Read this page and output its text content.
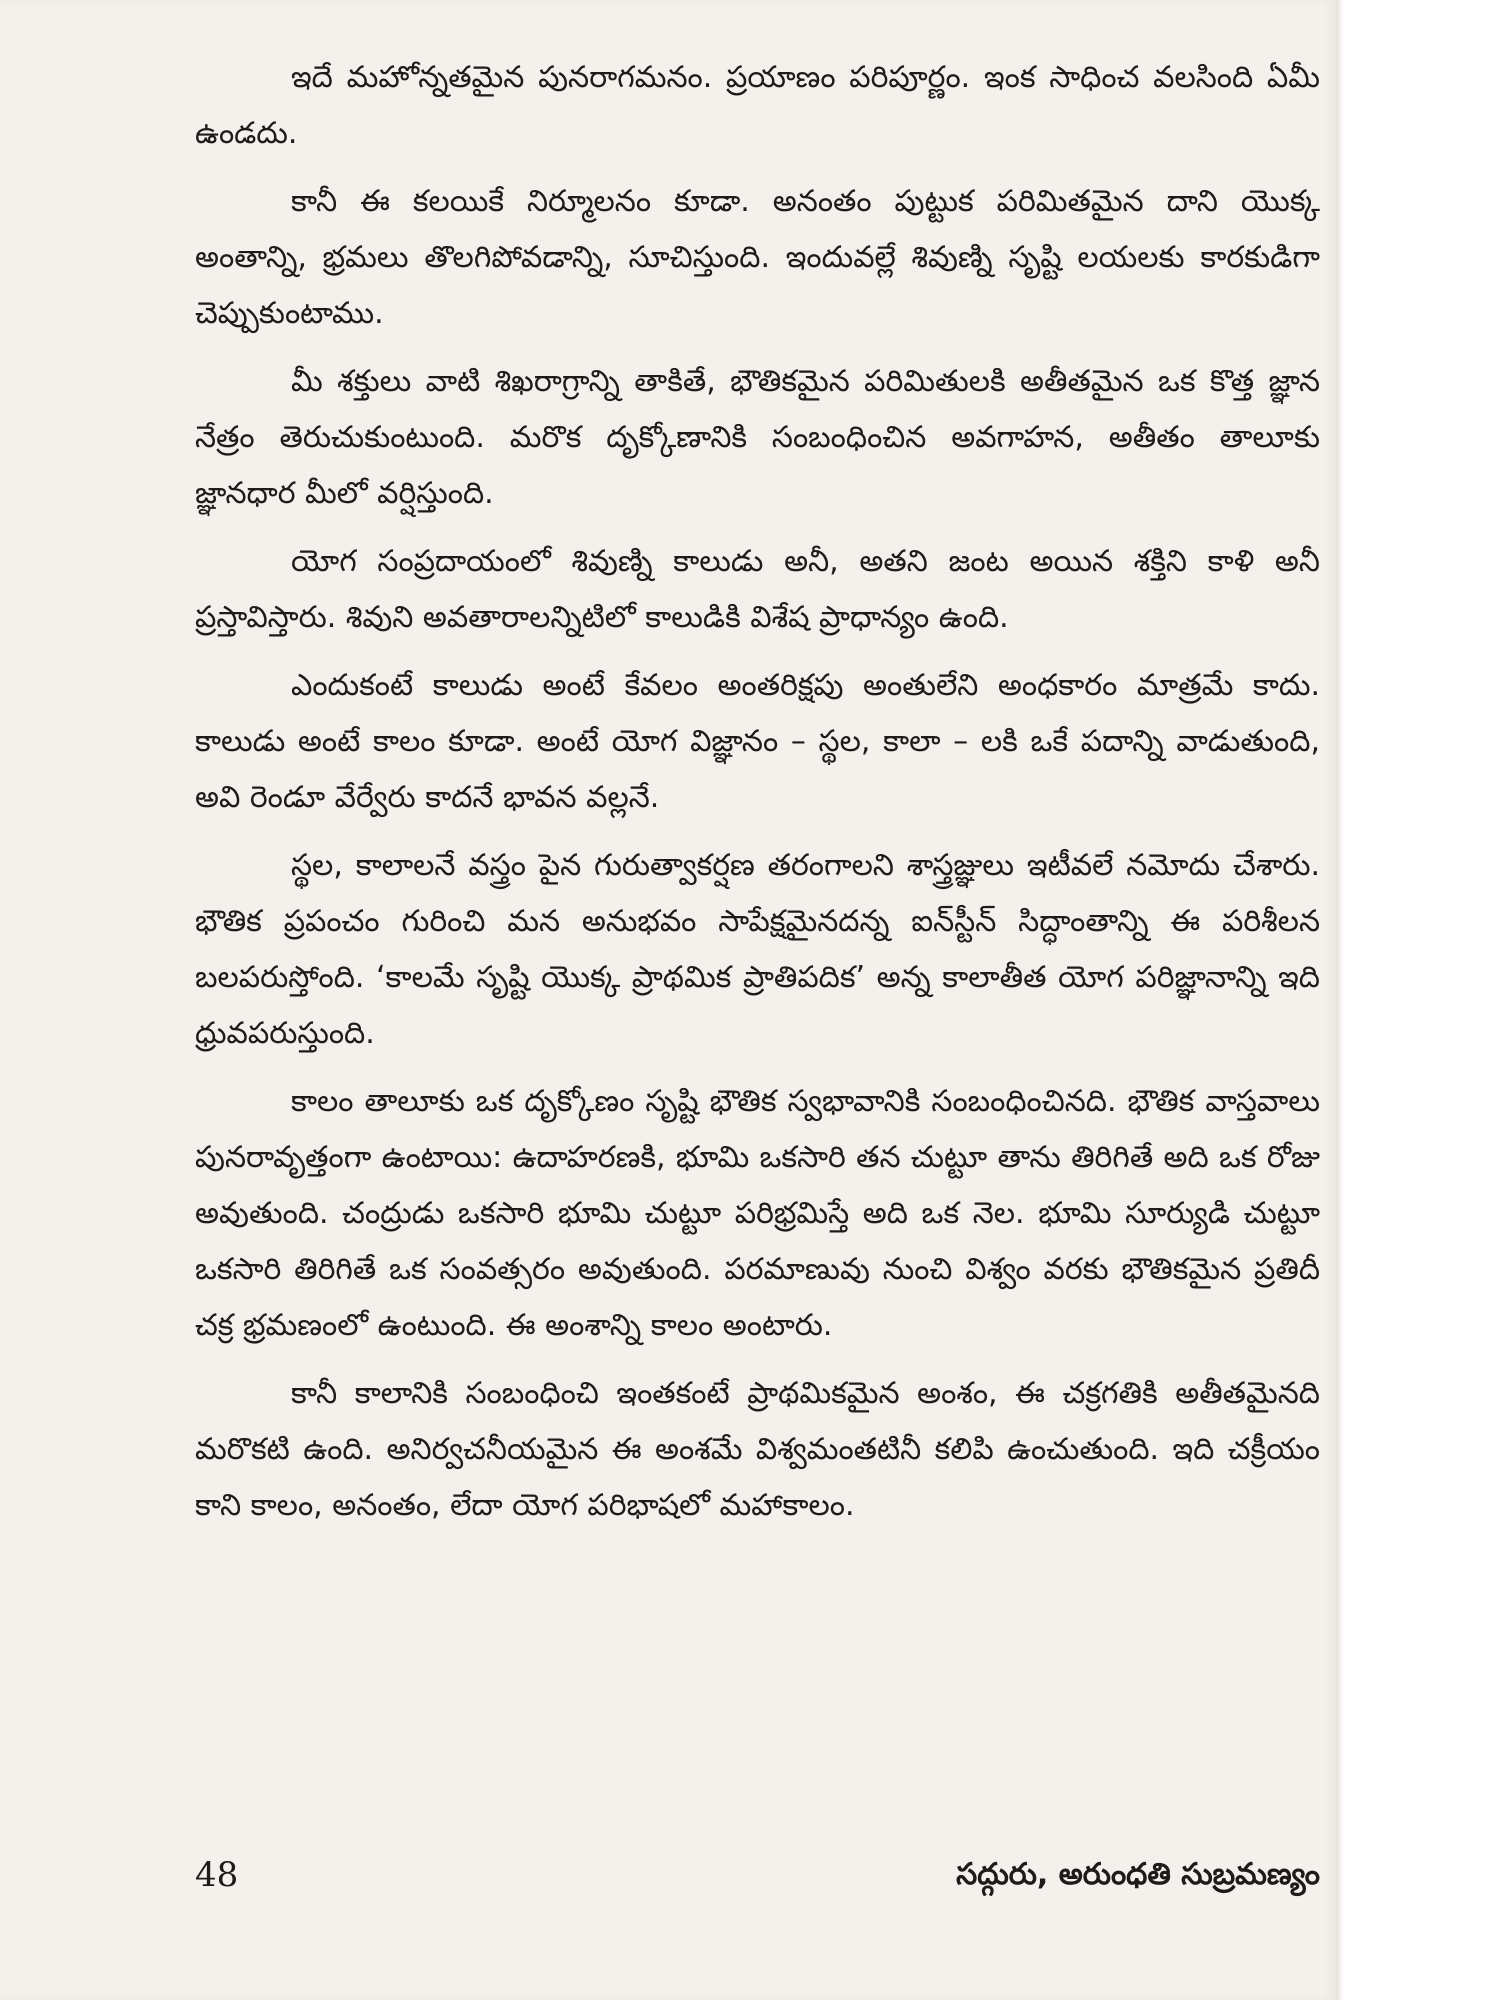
ఇదే మహోన్నతమైన పునరాగమనం. ప్రయాణం పరిపూర్ణం. ఇంక సాధించ వలసింది ఏమీ ఉండదు.

కానీ ఈ కలయికే నిర్మూలనం కూడా. అనంతం పుట్టుక పరిమితమైన దాని యొక్క అంతాన్ని, భ్రమలు తొలగిపోవడాన్ని, సూచిస్తుంది. ఇందువల్లే శివుణ్ని సృష్టి లయలకు కారకుడిగా చెప్పుకుంటాము.

మీ శక్తులు వాటి శిఖరాగ్రాన్ని తాకితే, భౌతికమైన పరిమితులకి అతీతమైన ఒక కొత్త జ్ఞాన నేత్రం తెరుచుకుంటుంది. మరొక దృక్కోణానికి సంబంధించిన అవగాహన, అతీతం తాలూకు జ్ఞానధార మీలో వర్షిస్తుంది.

యోగ సంప్రదాయంలో శివుణ్ని కాలుడు అనీ, అతని జంట అయిన శక్తిని కాళి అనీ ప్రస్తావిస్తారు. శివుని అవతారాలన్నిటిలో కాలుడికి విశేష ప్రాధాన్యం ఉంది.

ఎందుకంటే కాలుడు అంటే కేవలం అంతరిక్షపు అంతులేని అంధకారం మాత్రమే కాదు. కాలుడు అంటే కాలం కూడా. అంటే యోగ విజ్ఞానం – స్థల, కాలా – లకి ఒకే పదాన్ని వాడుతుంది, అవి రెండూ వేర్వేరు కాదనే భావన వల్లనే.

స్థల, కాలాలనే వస్త్రం పైన గురుత్వాకర్షణ తరంగాలని శాస్త్రజ్ఞులు ఇటీవలే నమోదు చేశారు. భౌతిక ప్రపంచం గురించి మన అనుభవం సాపేక్షమైనదన్న ఐన్‌స్టీన్ సిద్ధాంతాన్ని ఈ పరిశీలన బలపరుస్తోంది. ‘కాలమే సృష్టి యొక్క ప్రాథమిక ప్రాతిపదిక’ అన్న కాలాతీత యోగ పరిజ్ఞానాన్ని ఇది ధ్రువపరుస్తుంది.

కాలం తాలూకు ఒక దృక్కోణం సృష్టి భౌతిక స్వభావానికి సంబంధించినది. భౌతిక వాస్తవాలు పునరావృత్తంగా ఉంటాయి: ఉదాహరణకి, భూమి ఒకసారి తన చుట్టూ తాను తిరిగితే అది ఒక రోజు అవుతుంది. చంద్రుడు ఒకసారి భూమి చుట్టూ పరిభ్రమిస్తే అది ఒక నెల. భూమి సూర్యుడి చుట్టూ ఒకసారి తిరిగితే ఒక సంవత్సరం అవుతుంది. పరమాణువు నుంచి విశ్వం వరకు భౌతికమైన ప్రతిదీ చక్ర భ్రమణంలో ఉంటుంది. ఈ అంశాన్ని కాలం అంటారు.

కానీ కాలానికి సంబంధించి ఇంతకంటే ప్రాథమికమైన అంశం, ఈ చక్రగతికి అతీతమైనది మరొకటి ఉంది. అనిర్వచనీయమైన ఈ అంశమే విశ్వమంతటినీ కలిపి ఉంచుతుంది. ఇది చక్రీయం కాని కాలం, అనంతం, లేదా యోగ పరిభాషలో మహాకాలం.

48	సద్గురు, అరుంధతి సుబ్రమణ్యం
